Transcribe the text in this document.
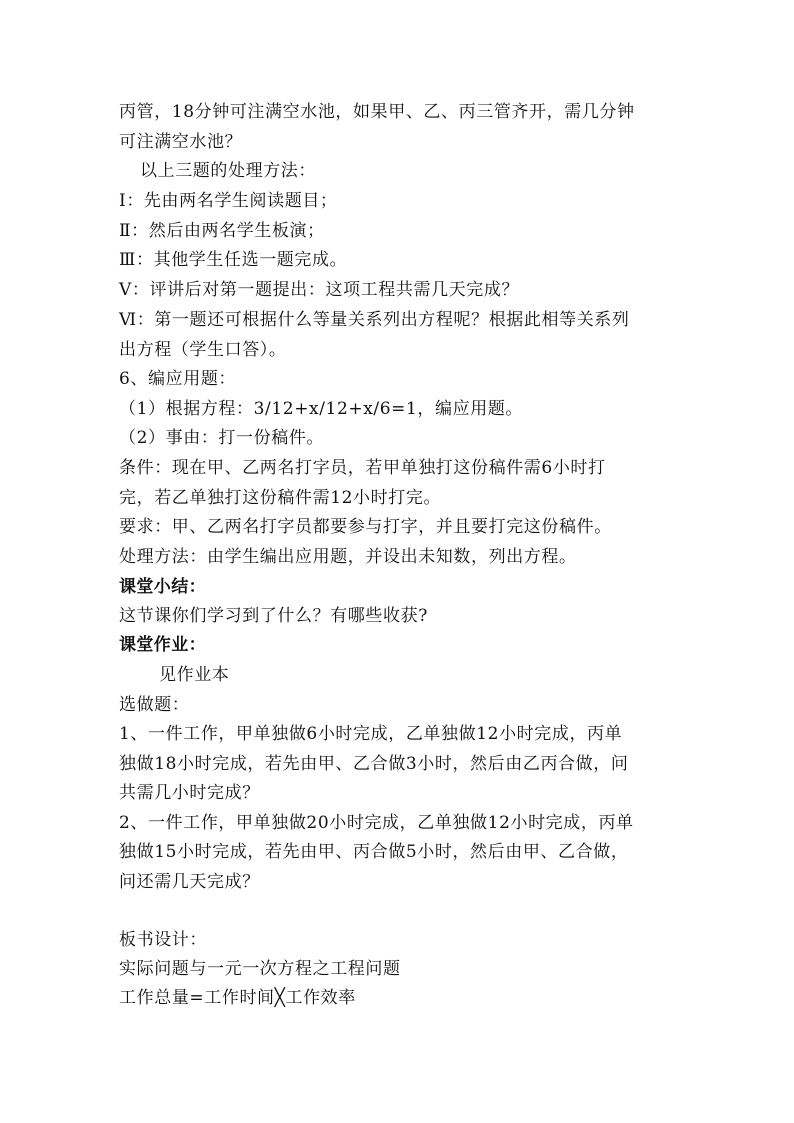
丙管，18分钟可注满空水池，如果甲、乙、丙三管齐开，需几分钟
可注满空水池？
以上三题的处理方法：
Ⅰ：先由两名学生阅读题目；
Ⅱ：然后由两名学生板演；
Ⅲ：其他学生任选一题完成。
Ⅴ：评讲后对第一题提出：这项工程共需几天完成？
Ⅵ：第一题还可根据什么等量关系列出方程呢？根据此相等关系列
出方程（学生口答）。
6、编应用题：
（1）根据方程：3/12+x/12+x/6=1，编应用题。
（2）事由：打一份稿件。
条件：现在甲、乙两名打字员，若甲单独打这份稿件需6小时打
完，若乙单独打这份稿件需12小时打完。
要求：甲、乙两名打字员都要参与打字，并且要打完这份稿件。
处理方法：由学生编出应用题，并设出未知数，列出方程。
课堂小结：
这节课你们学习到了什么？有哪些收获?
课堂作业：
见作业本
选做题：
1、一件工作，甲单独做6小时完成，乙单独做12小时完成，丙单
独做18小时完成，若先由甲、乙合做3小时，然后由乙丙合做，问
共需几小时完成？
2、一件工作，甲单独做20小时完成，乙单独做12小时完成，丙单
独做15小时完成，若先由甲、丙合做5小时，然后由甲、乙合做，
问还需几天完成？
板书设计：
实际问题与一元一次方程之工程问题
工作总量=工作时间╳工作效率
